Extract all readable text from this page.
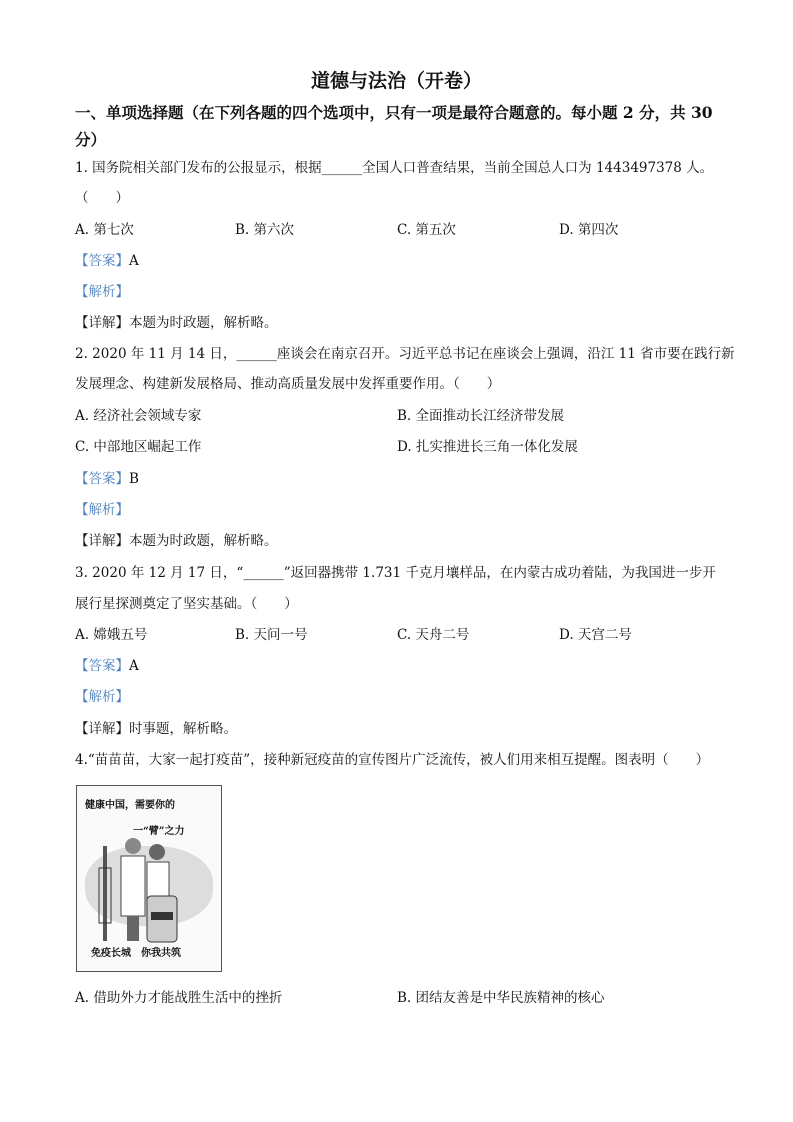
道德与法治（开卷）
一、单项选择题（在下列各题的四个选项中，只有一项是最符合题意的。每小题 2 分，共 30
分）
1. 国务院相关部门发布的公报显示，根据______全国人口普查结果，当前全国总人口为 1443497378 人。
（　　）
A. 第七次	B. 第六次	C. 第五次	D. 第四次
【答案】A
【解析】
【详解】本题为时政题，解析略。
2. 2020 年 11 月 14 日，______座谈会在南京召开。习近平总书记在座谈会上强调，沿江 11 省市要在践行新
发展理念、构建新发展格局、推动高质量发展中发挥重要作用。（　　）
A. 经济社会领域专家	B. 全面推动长江经济带发展
C. 中部地区崛起工作	D. 扎实推进长三角一体化发展
【答案】B
【解析】
【详解】本题为时政题，解析略。
3. 2020 年 12 月 17 日，“______”返回器携带 1.731 千克月壤样品，在内蒙古成功着陆，为我国进一步开
展行星探测奠定了坚实基础。（　　）
A. 嫦娥五号	B. 天问一号	C. 天舟二号	D. 天宫二号
【答案】A
【解析】
【详解】时事题，解析略。
4.“苗苗苗，大家一起打疫苗”，接种新冠疫苗的宣传图片广泛流传，被人们用来相互提醒。图表明（　　）
健康中国，需要你的
一“臂”之力
免疫长城　你我共筑
A. 借助外力才能战胜生活中的挫折	B. 团结友善是中华民族精神的核心
